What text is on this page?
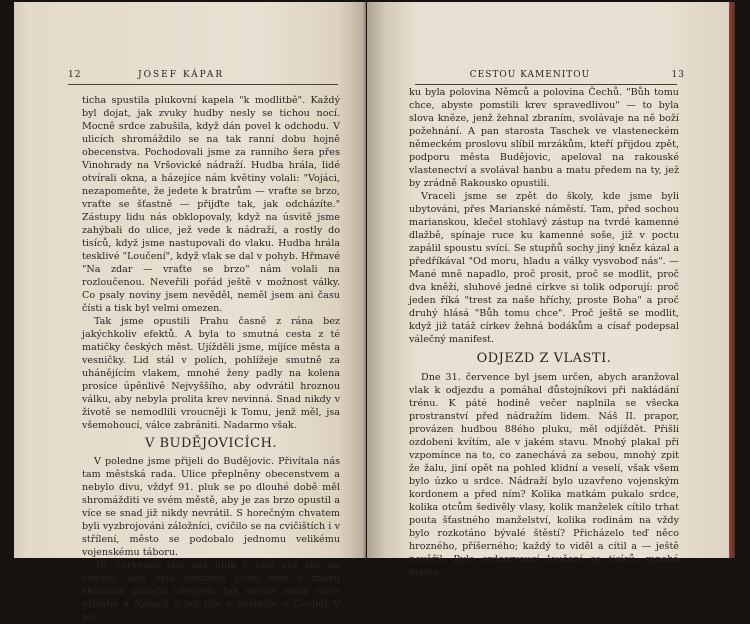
12	JOSEF KÁPAR

ticha spustila plukovní kapela "k modlitbě". Každý byl dojat, jak zvuky hudby nesly se tichou nocí. Mocně srdce zabušila, když dán povel k odchodu. V ulicích shromáždilo se na tak ranní dobu hojně obecenstva. Pochodovali jsme za ranního šera přes Vinohrady na Vršovické nádraží. Hudba hrála, lidé otvírali okna, a házejíce nám květiny volali: "Vojáci, nezapomeňte, že jedete k bratrům — vraťte se brzo, vraťte se šťastně — přijďte tak, jak odcházíte." Zástupy lidu nás obklopovaly, když na úsvitě jsme zahýbali do ulice, jež vede k nádraží, a rostly do tisíců, když jsme nastupovali do vlaku. Hudba hrála tesklivé "Loučení", když vlak se dal v pohyb. Hřmavé "Na zdar — vraťte se brzo" nám volali na rozloučenou. Neveřili pořád ještě v možnost války. Co psaly noviny jsem nevěděl, neměl jsem ani času čísti a tisk byl velmi omezen.

Tak jsme opustili Prahu časně z rána bez jakýchkoliv efektů. A byla to smutná cesta z té matičky českých měst. Ujížděli jsme, míjíce města a vesničky. Lid stál v polích, pohlížeje smutně za uhánějícím vlakem, mnohé ženy padly na kolena prosíce úpěnlivě Nejvyššího, aby odvrátil hroznou válku, aby nebyla prolita krev nevinná. Snad nikdy v životě se nemodlili vroucněji k Tomu, jenž měl, jsa všemohoucí, válce zabrániti. Nadarmo však.

V BUDĚJOVICÍCH.

V poledne jsme přijeli do Budějovic. Přivítala nás tam městská rada. Ulice přeplněny obecenstvem a nebylo divu, vždyť 91. pluk se po dlouhé době měl shromážditi ve svém městě, aby je zas brzo opustil a více se snad již nikdy nevrátil. S horečným chvatem byli vyzbrojováni záložníci, cvičilo se na cvičištích i v střílení, město se podobalo jednomu velikému vojenskému táboru.

30. července stál náš pluk v celé své síle na cvičišti, kde byla sloužena polní mše a znovu skládána přísaha věrnosti. Jak mocně zněla slova přísahy u Němců a jak tiše a nesměle u Čechů! V plu-

CESTOU KAMENITOU	13

ku byla polovina Němců a polovina Čechů. "Bůh tomu chce, abyste pomstili krev spravedlivou" — to byla slova kněze, jenž žehnal zbraním, svolávaje na ně boží požehnání. A pan starosta Taschek ve vlasteneckém německém proslovu slíbil mrzákům, kteří přijdou zpět, podporu města Budějovic, apeloval na rakouské vlastenectví a svolával hanbu a matu předem na ty, jež by zrádně Rakousko opustili.

Vraceli jsme se zpět do školy, kde jsme byli ubytováni, přes Marianské náměstí. Tam, před sochou marianskou, klečel stohlavý zástup na tvrdé kamenné dlažbě, spínaje ruce ku kamenné soše, již v poctu zapálil spoustu svící. Se stupňů sochy jiný kněz kázal a předříkával "Od moru, hladu a války vysvoboď nás". — Mané mně napadlo, proč prosit, proč se modlit, proč dva kněží, sluhové jedné církve si tolik odporují: proč jeden říká "trest za naše hříchy, proste Boha" a proč druhý hlásá "Bůh tomu chce". Proč ještě se modlit, když již tatáž církev žehná bodákům a císař podepsal válečný manifest.

ODJEZD Z VLASTI.

Dne 31. července byl jsem určen, abych aranžoval vlak k odjezdu a pomáhal důstojníkovi při nakládání trénu. K páté hodině večer naplnila se všecka prostranství před nádražím lidem. Náš II. prapor, provázen hudbou 88ého pluku, měl odjíždět. Přišli ozdobeni kvítím, ale v jakém stavu. Mnohý plakal při vzpomínce na to, co zanechává za sebou, mnohý zpit že žalu, jiní opět na pohled klidní a veselí, však všem bylo úzko u srdce. Nádraží bylo uzavřeno vojenským kordonem a před ním? Kolika matkám pukalo srdce, kolika otcům šedivěly vlasy, kolik manželek cítilo trhat pouta šťastného manželství, kolika rodinám na vždy bylo rozkotáno bývalé štěstí? Přicházelo teď něco hrozného, příšerného; každý to viděl a cítil a — ještě nevěřil. Bylo srdcervoucí loučení se tisíců; mnohá matka
